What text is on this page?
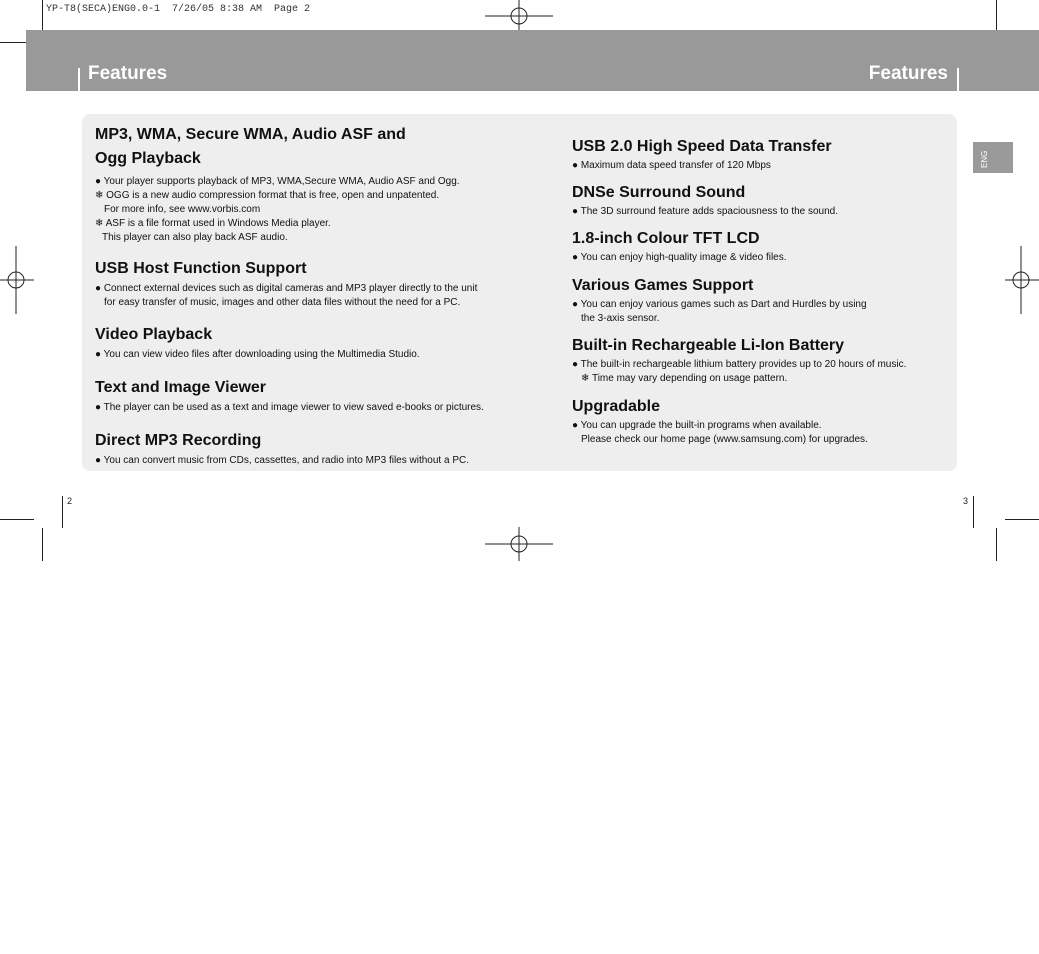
YP-T8(SECA)ENG0.0-1  7/26/05 8:38 AM  Page 2
Features	Features
ENG
MP3, WMA, Secure WMA, Audio ASF and
Ogg Playback
● Your player supports playback of MP3, WMA,Secure WMA, Audio ASF and Ogg.
❄ OGG is a new audio compression format that is free, open and unpatented.
For more info, see www.vorbis.com
❄ ASF is a file format used in Windows Media player.
This player can also play back ASF audio.
USB Host Function Support
● Connect external devices such as digital cameras and MP3 player directly to the unit
for easy transfer of music, images and other data files without the need for a PC.
Video Playback
● You can view video files after downloading using the Multimedia Studio.
Text and Image Viewer
● The player can be used as a text and image viewer to view saved e-books or pictures.
Direct MP3 Recording
● You can convert music from CDs, cassettes, and radio into MP3 files without a PC.
USB 2.0 High Speed Data Transfer
● Maximum data speed transfer of 120 Mbps
DNSe Surround Sound
● The 3D surround feature adds spaciousness to the sound.
1.8-inch Colour TFT LCD
● You can enjoy high-quality image & video files.
Various Games Support
● You can enjoy various games such as Dart and Hurdles by using
the 3-axis sensor.
Built-in Rechargeable Li-Ion Battery
● The built-in rechargeable lithium battery provides up to 20 hours of music.
❄ Time may vary depending on usage pattern.
Upgradable
● You can upgrade the built-in programs when available.
Please check our home page (www.samsung.com) for upgrades.
2	3
